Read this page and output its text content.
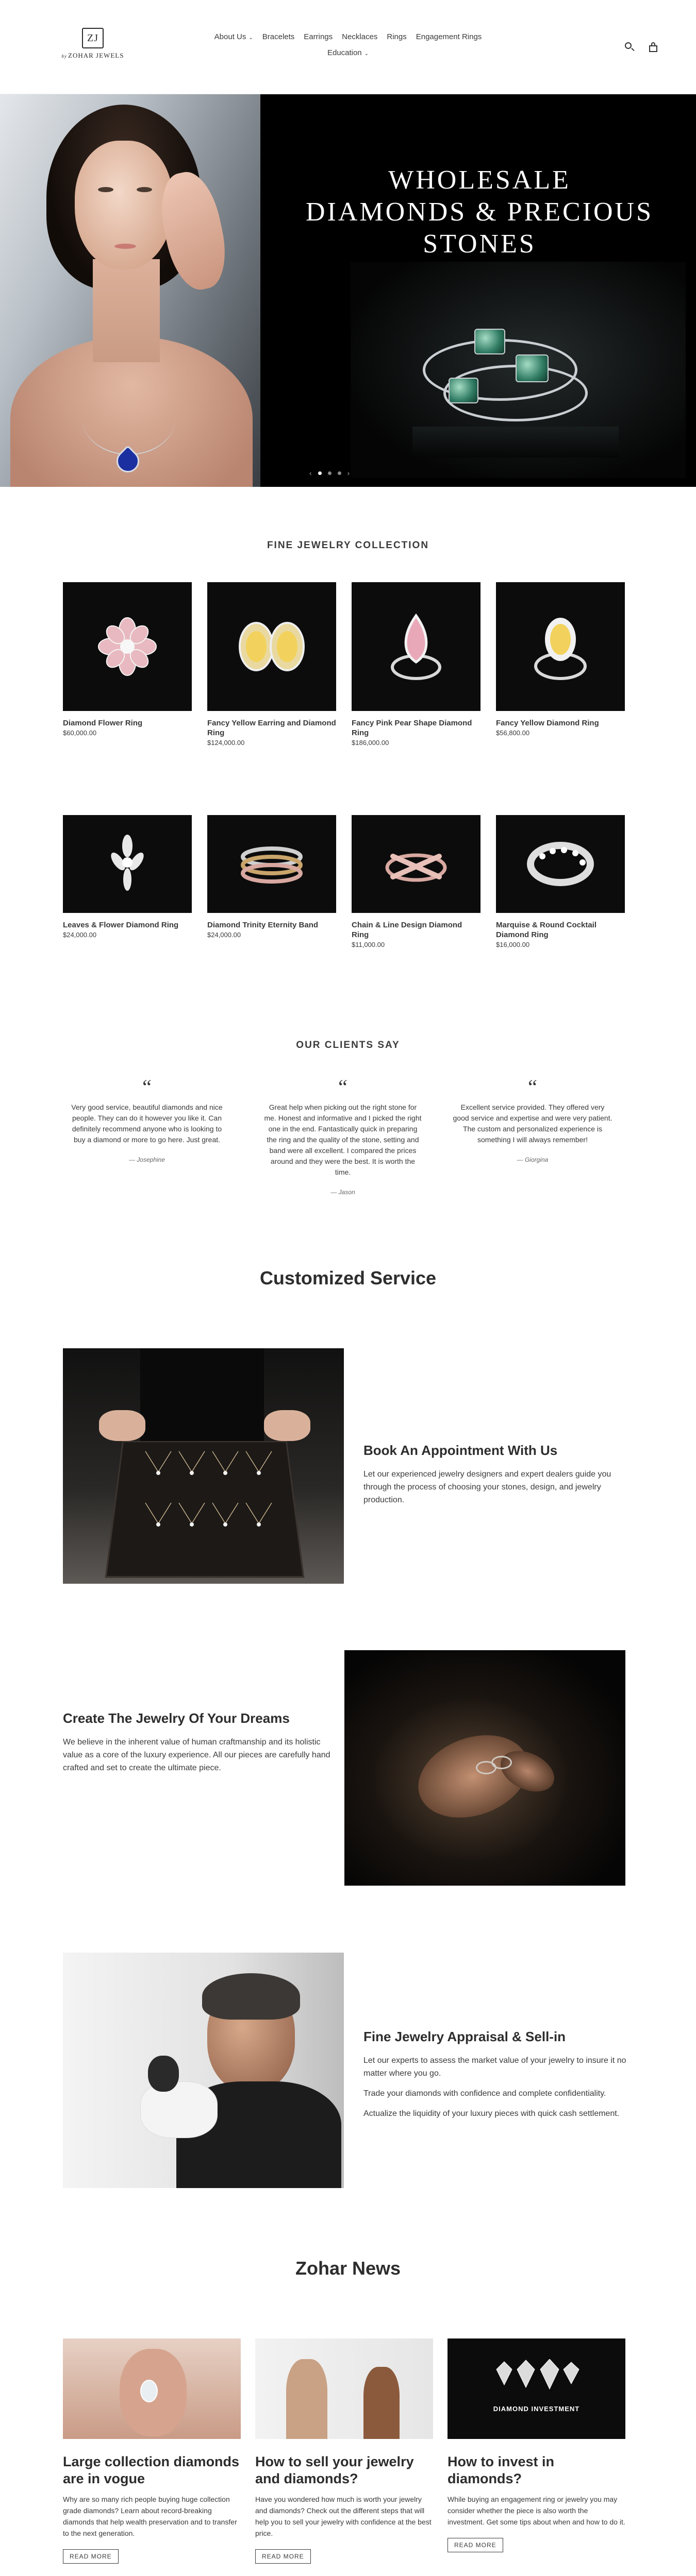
ZJ
by ZOHAR JEWELS
About Us ⌄ Bracelets Earrings Necklaces Rings Engagement Rings
Education ⌄
WHOLESALE
DIAMONDS & PRECIOUS
STONES
‹	›
FINE JEWELRY COLLECTION
Diamond Flower Ring
$60,000.00
Fancy Yellow Earring and Diamond Ring
$124,000.00
Fancy Pink Pear Shape Diamond Ring
$186,000.00
Fancy Yellow Diamond Ring
$56,800.00
Leaves & Flower Diamond Ring
$24,000.00
Diamond Trinity Eternity Band
$24,000.00
Chain & Line Design Diamond Ring
$11,000.00
Marquise & Round Cocktail Diamond Ring
$16,000.00
OUR CLIENTS SAY
“
Very good service, beautiful diamonds and nice people. They can do it however you like it. Can definitely recommend anyone who is looking to buy a diamond or more to go here. Just great.
— Josephine
“
Great help when picking out the right stone for me. Honest and informative and I picked the right one in the end. Fantastically quick in preparing the ring and the quality of the stone, setting and band were all excellent. I compared the prices around and they were the best. It is worth the time.
— Jason
“
Excellent service provided. They offered very good service and expertise and were very patient. The custom and personalized experience is something I will always remember!
— Giorgina
Customized Service
Book An Appointment With Us
Let our experienced jewelry designers and expert dealers guide you through the process of choosing your stones, design, and jewelry production.
Create The Jewelry Of Your Dreams
We believe in the inherent value of human craftmanship and its holistic value as a core of the luxury experience. All our pieces are carefully hand crafted and set to create the ultimate piece.
Fine Jewelry Appraisal & Sell-in
Let our experts to assess the market value of your jewelry to insure it no matter where you go.
Trade your diamonds with confidence and complete confidentiality.
Actualize the liquidity of your luxury pieces with quick cash settlement.
Zohar News
Large collection diamonds are in vogue
Why are so many rich people buying huge collection grade diamonds? Learn about record-breaking diamonds that help wealth preservation and to transfer to the next generation.
READ MORE
How to sell your jewelry and diamonds?
Have you wondered how much is worth your jewelry and diamonds? Check out the different steps that will help you to sell your jewelry with confidence at the best price.
READ MORE
DIAMOND INVESTMENT
How to invest in diamonds?
While buying an engagement ring or jewelry you may consider whether the piece is also worth the investment. Get some tips about when and how to do it.
READ MORE
